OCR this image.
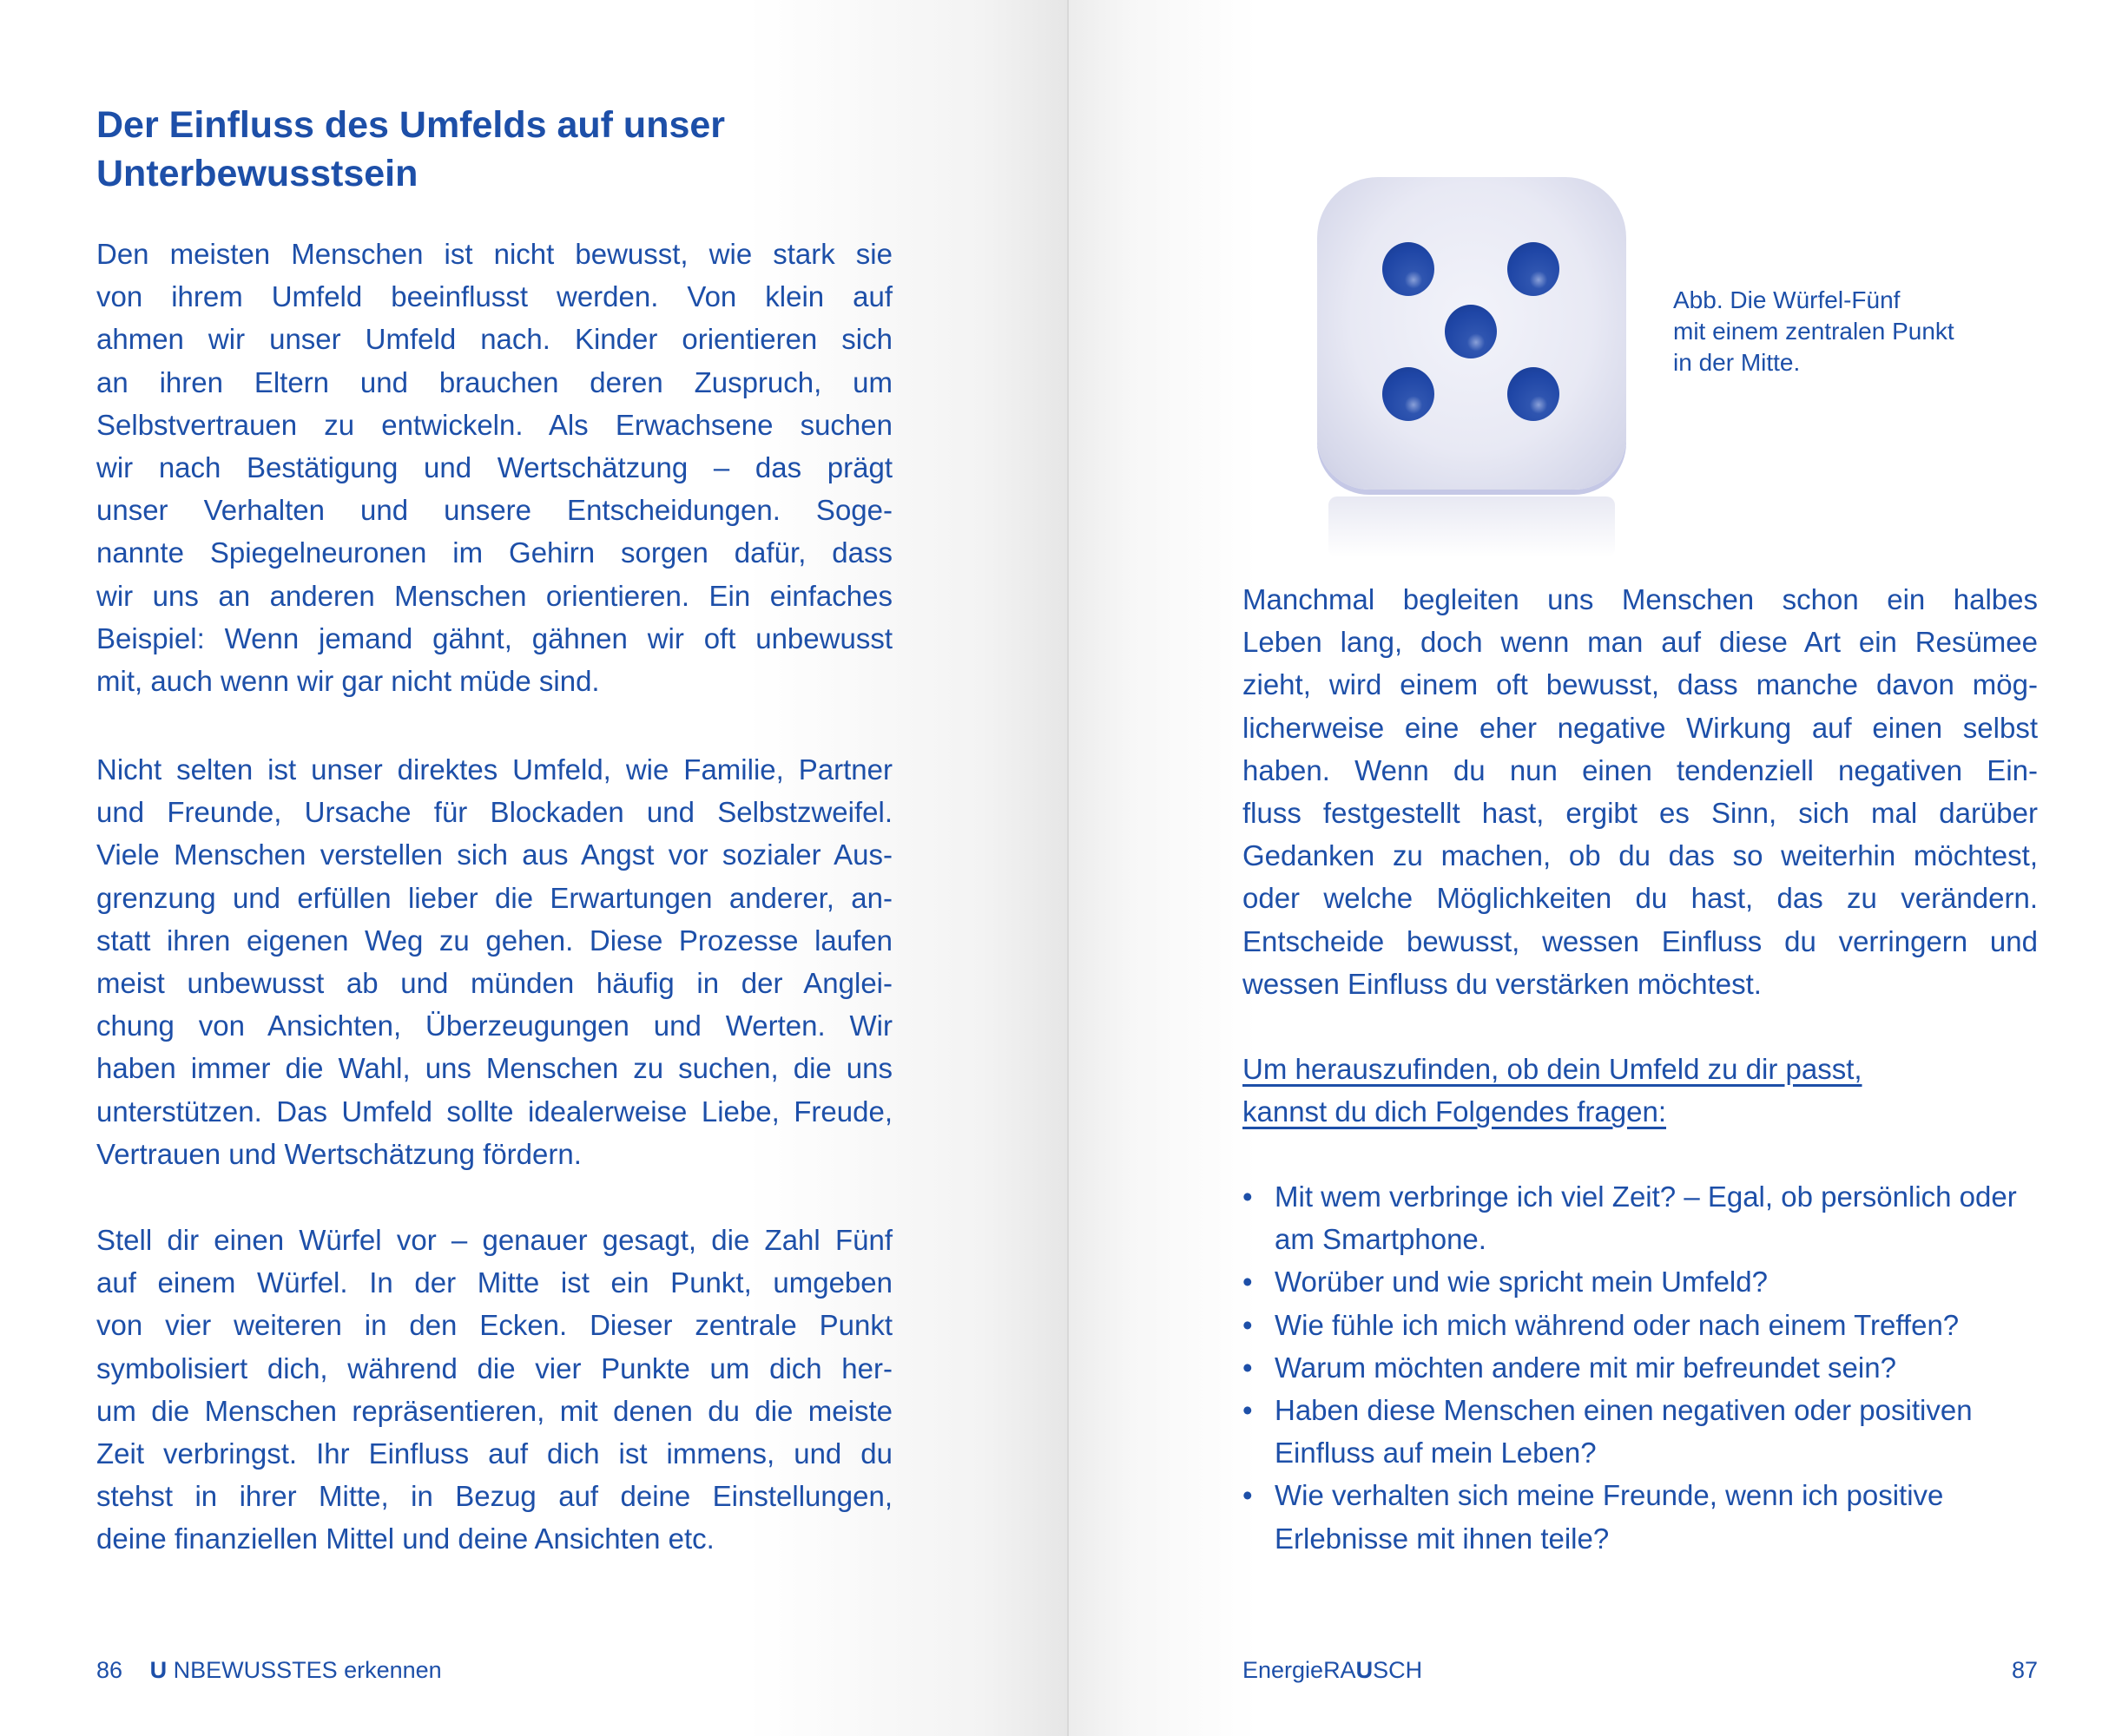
Der Einfluss des Umfelds auf unser
Unterbewusstsein
Den meisten Menschen ist nicht bewusst, wie stark sie
von ihrem Umfeld beeinflusst werden. Von klein auf
ahmen wir unser Umfeld nach. Kinder orientieren sich
an ihren Eltern und brauchen deren Zuspruch, um
Selbstvertrauen zu entwickeln. Als Erwachsene suchen
wir nach Bestätigung und Wertschätzung – das prägt
unser Verhalten und unsere Entscheidungen. Soge-
nannte Spiegelneuronen im Gehirn sorgen dafür, dass
wir uns an anderen Menschen orientieren. Ein einfaches
Beispiel: Wenn jemand gähnt, gähnen wir oft unbewusst
mit, auch wenn wir gar nicht müde sind.
Nicht selten ist unser direktes Umfeld, wie Familie, Partner
und Freunde, Ursache für Blockaden und Selbstzweifel.
Viele Menschen verstellen sich aus Angst vor sozialer Aus-
grenzung und erfüllen lieber die Erwartungen anderer, an-
statt ihren eigenen Weg zu gehen. Diese Prozesse laufen
meist unbewusst ab und münden häufig in der Anglei-
chung von Ansichten, Überzeugungen und Werten. Wir
haben immer die Wahl, uns Menschen zu suchen, die uns
unterstützen. Das Umfeld sollte idealerweise Liebe, Freude,
Vertrauen und Wertschätzung fördern.
Stell dir einen Würfel vor – genauer gesagt, die Zahl Fünf
auf einem Würfel. In der Mitte ist ein Punkt, umgeben
von vier weiteren in den Ecken. Dieser zentrale Punkt
symbolisiert dich, während die vier Punkte um dich her-
um die Menschen repräsentieren, mit denen du die meiste
Zeit verbringst. Ihr Einfluss auf dich ist immens, und du
stehst in ihrer Mitte, in Bezug auf deine Einstellungen,
deine finanziellen Mittel und deine Ansichten etc.
86 U NBEWUSSTES erkennen
Abb. Die Würfel-Fünf
mit einem zentralen Punkt
in der Mitte.
Manchmal begleiten uns Menschen schon ein halbes
Leben lang, doch wenn man auf diese Art ein Resümee
zieht, wird einem oft bewusst, dass manche davon mög-
licherweise eine eher negative Wirkung auf einen selbst
haben. Wenn du nun einen tendenziell negativen Ein-
fluss festgestellt hast, ergibt es Sinn, sich mal darüber
Gedanken zu machen, ob du das so weiterhin möchtest,
oder welche Möglichkeiten du hast, das zu verändern.
Entscheide bewusst, wessen Einfluss du verringern und
wessen Einfluss du verstärken möchtest.
Um herauszufinden, ob dein Umfeld zu dir passt,
kannst du dich Folgendes fragen:
• Mit wem verbringe ich viel Zeit? – Egal, ob persönlich oder am Smartphone.
• Worüber und wie spricht mein Umfeld?
• Wie fühle ich mich während oder nach einem Treffen?
• Warum möchten andere mit mir befreundet sein?
• Haben diese Menschen einen negativen oder positiven Einfluss auf mein Leben?
• Wie verhalten sich meine Freunde, wenn ich positive Erlebnisse mit ihnen teile?
EnergieRAUSCH	87
